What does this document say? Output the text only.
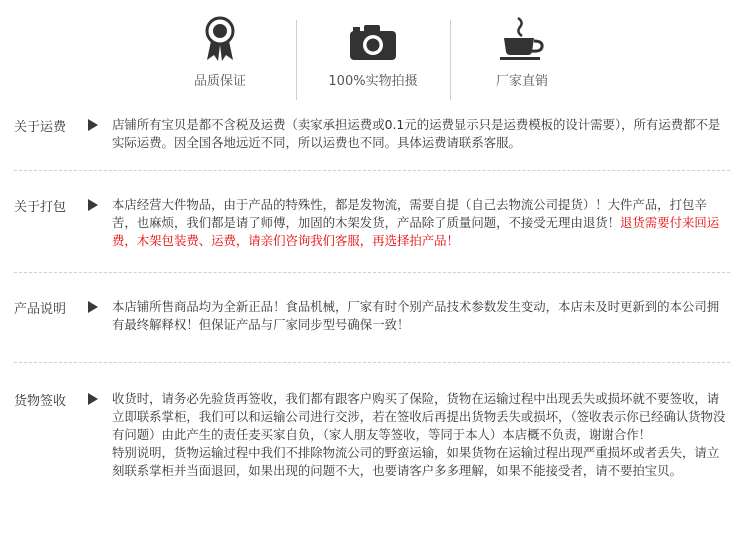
品质保证	100%实物拍摄	厂家直销
关于运费	店铺所有宝贝是都不含税及运费（卖家承担运费或0.1元的运费显示只是运费模板的设计需要），所有运费都不是实际运费。因全国各地远近不同，所以运费也不同。具体运费请联系客服。

关于打包	本店经营大件物品，由于产品的特殊性，都是发物流，需要自提（自己去物流公司提货）！大件产品，打包辛苦，也麻烦，我们都是请了师傅，加固的木架发货，产品除了质量问题，不接受无理由退货！退货需要付来回运费，木架包装费、运费，请亲们咨询我们客服，再选择拍产品！

产品说明	本店铺所售商品均为全新正品！食品机械，厂家有时个别产品技术参数发生变动，本店未及时更新到的本公司拥有最终解释权！但保证产品与厂家同步型号确保一致！

货物签收	收货时，请务必先验货再签收，我们都有跟客户购买了保险，货物在运输过程中出现丢失或损坏就不要签收，请立即联系掌柜，我们可以和运输公司进行交涉，若在签收后再提出货物丢失或损坏，（签收表示你已经确认货物没有问题）由此产生的责任麦买家自负，（家人朋友等签收，等同于本人）本店概不负责，谢谢合作！

特别说明，货物运输过程中我们不排除物流公司的野蛮运输，如果货物在运输过程出现严重损坏或者丢失，请立刻联系掌柜并当面退回，如果出现的问题不大，也要请客户多多理解，如果不能接受者，请不要拍宝贝。
